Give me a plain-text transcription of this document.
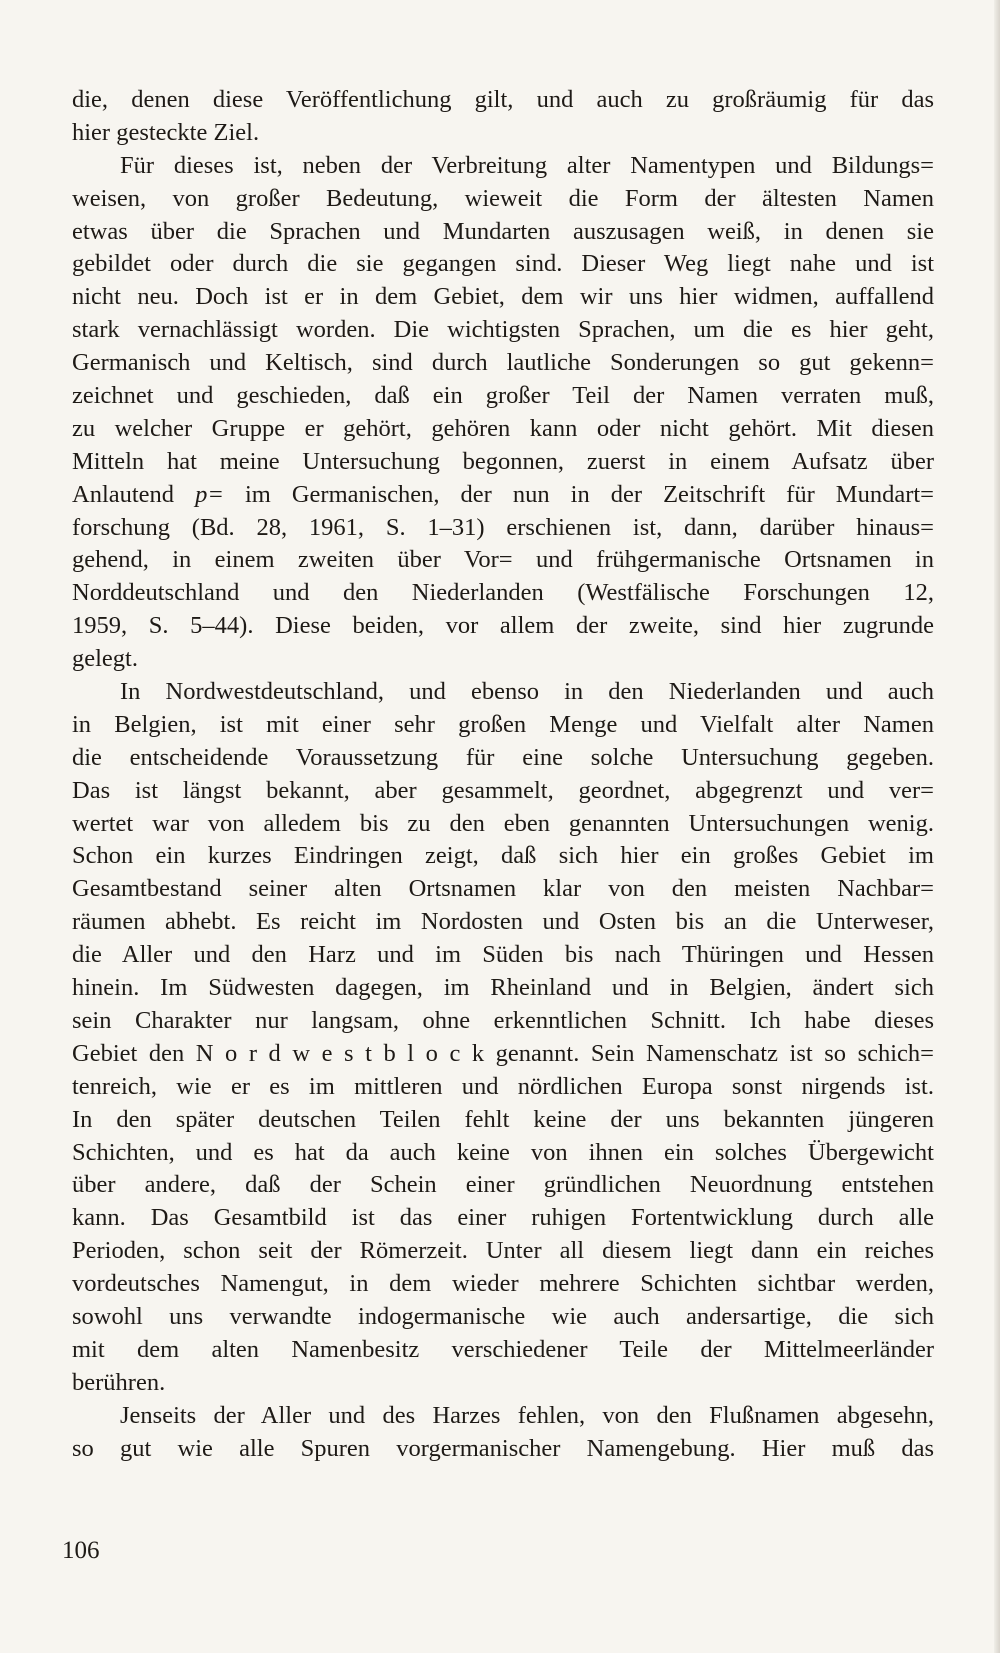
die, denen diese Veröffentlichung gilt, und auch zu großräumig für das
hier gesteckte Ziel.
Für dieses ist, neben der Verbreitung alter Namentypen und Bildungs=
weisen, von großer Bedeutung, wieweit die Form der ältesten Namen
etwas über die Sprachen und Mundarten auszusagen weiß, in denen sie
gebildet oder durch die sie gegangen sind. Dieser Weg liegt nahe und ist
nicht neu. Doch ist er in dem Gebiet, dem wir uns hier widmen, auffallend
stark vernachlässigt worden. Die wichtigsten Sprachen, um die es hier geht,
Germanisch und Keltisch, sind durch lautliche Sonderungen so gut gekenn=
zeichnet und geschieden, daß ein großer Teil der Namen verraten muß,
zu welcher Gruppe er gehört, gehören kann oder nicht gehört. Mit diesen
Mitteln hat meine Untersuchung begonnen, zuerst in einem Aufsatz über
Anlautend p= im Germanischen, der nun in der Zeitschrift für Mundart=
forschung (Bd. 28, 1961, S. 1–31) erschienen ist, dann, darüber hinaus=
gehend, in einem zweiten über Vor= und frühgermanische Ortsnamen in
Norddeutschland und den Niederlanden (Westfälische Forschungen 12,
1959, S. 5–44). Diese beiden, vor allem der zweite, sind hier zugrunde
gelegt.
In Nordwestdeutschland, und ebenso in den Niederlanden und auch
in Belgien, ist mit einer sehr großen Menge und Vielfalt alter Namen
die entscheidende Voraussetzung für eine solche Untersuchung gegeben.
Das ist längst bekannt, aber gesammelt, geordnet, abgegrenzt und ver=
wertet war von alledem bis zu den eben genannten Untersuchungen wenig.
Schon ein kurzes Eindringen zeigt, daß sich hier ein großes Gebiet im
Gesamtbestand seiner alten Ortsnamen klar von den meisten Nachbar=
räumen abhebt. Es reicht im Nordosten und Osten bis an die Unterweser,
die Aller und den Harz und im Süden bis nach Thüringen und Hessen
hinein. Im Südwesten dagegen, im Rheinland und in Belgien, ändert sich
sein Charakter nur langsam, ohne erkenntlichen Schnitt. Ich habe dieses
Gebiet den N o r d w e s t b l o c k genannt. Sein Namenschatz ist so schich=
tenreich, wie er es im mittleren und nördlichen Europa sonst nirgends ist.
In den später deutschen Teilen fehlt keine der uns bekannten jüngeren
Schichten, und es hat da auch keine von ihnen ein solches Übergewicht
über andere, daß der Schein einer gründlichen Neuordnung entstehen
kann. Das Gesamtbild ist das einer ruhigen Fortentwicklung durch alle
Perioden, schon seit der Römerzeit. Unter all diesem liegt dann ein reiches
vordeutsches Namengut, in dem wieder mehrere Schichten sichtbar werden,
sowohl uns verwandte indogermanische wie auch andersartige, die sich
mit dem alten Namenbesitz verschiedener Teile der Mittelmeerländer
berühren.
Jenseits der Aller und des Harzes fehlen, von den Flußnamen abgesehn,
so gut wie alle Spuren vorgermanischer Namengebung. Hier muß das
106
